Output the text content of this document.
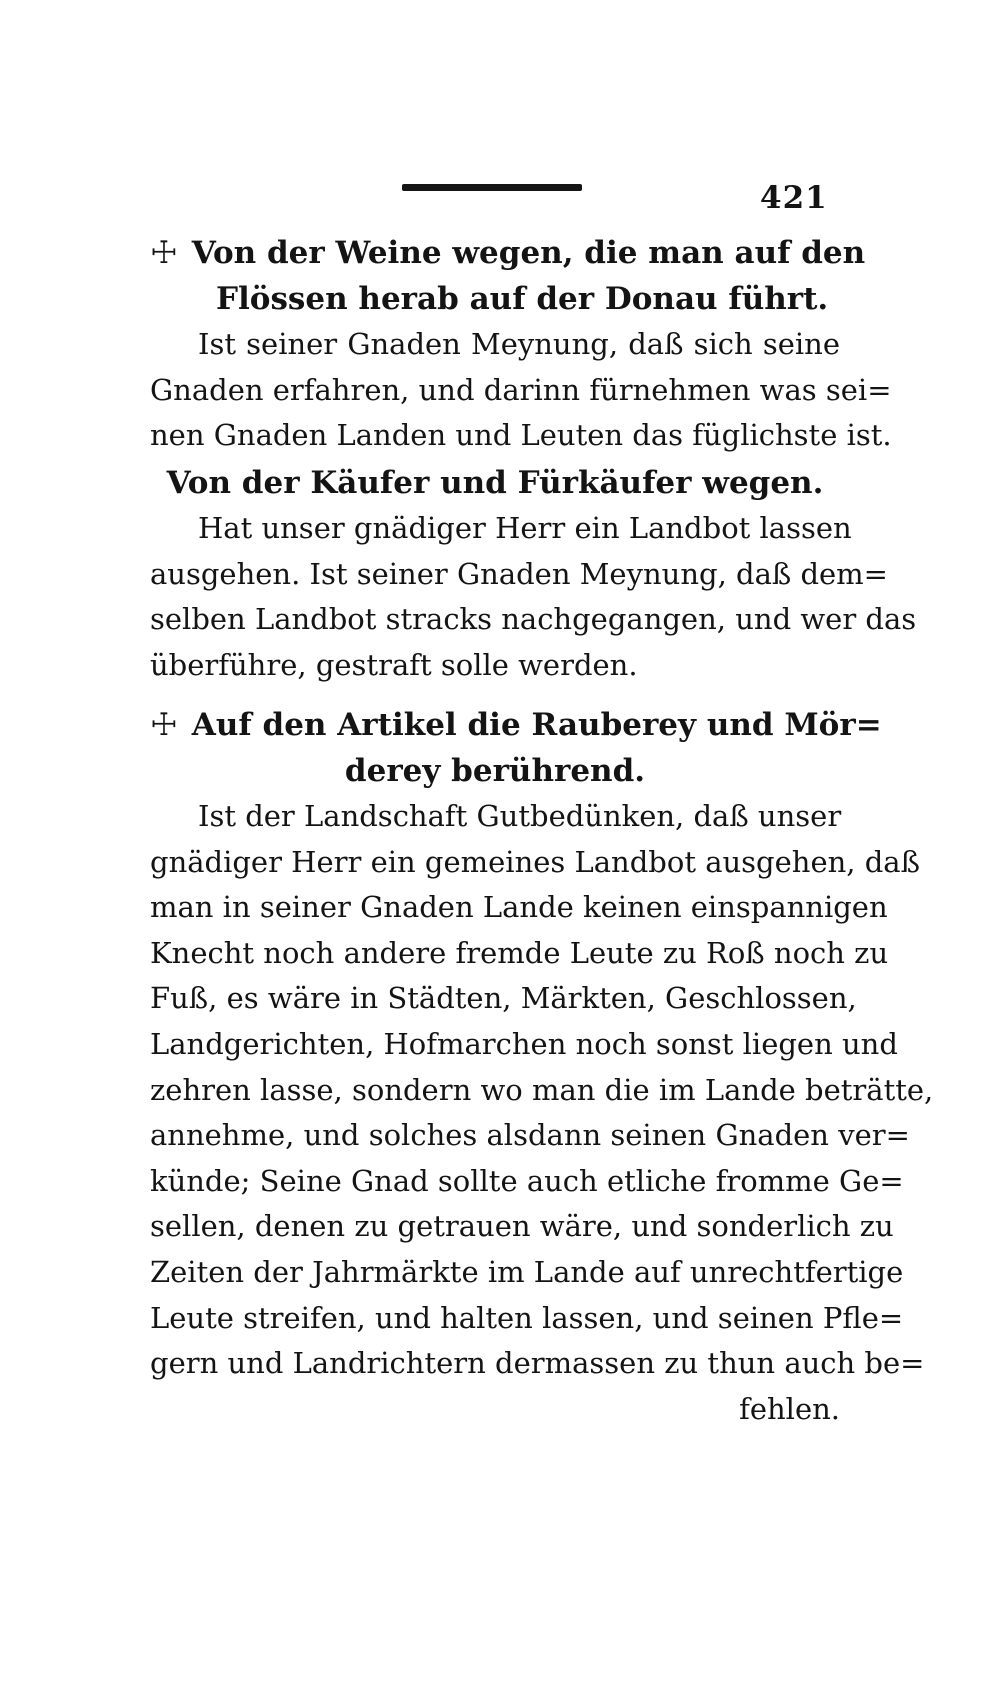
421
☩ Von der Weine wegen, die man auf den
Flössen herab auf der Donau führt.
Ist seiner Gnaden Meynung, daß sich seine
Gnaden erfahren, und darinn fürnehmen was sei=
nen Gnaden Landen und Leuten das füglichste ist.
Von der Käufer und Fürkäufer wegen.
Hat unser gnädiger Herr ein Landbot lassen
ausgehen. Ist seiner Gnaden Meynung, daß dem=
selben Landbot stracks nachgegangen, und wer das
überführe, gestraft solle werden.
☩ Auf den Artikel die Rauberey und Mör=
derey berührend.
Ist der Landschaft Gutbedünken, daß unser
gnädiger Herr ein gemeines Landbot ausgehen, daß
man in seiner Gnaden Lande keinen einspannigen
Knecht noch andere fremde Leute zu Roß noch zu
Fuß, es wäre in Städten, Märkten, Geschlossen,
Landgerichten, Hofmarchen noch sonst liegen und
zehren lasse, sondern wo man die im Lande beträtte,
annehme, und solches alsdann seinen Gnaden ver=
künde; Seine Gnad sollte auch etliche fromme Ge=
sellen, denen zu getrauen wäre, und sonderlich zu
Zeiten der Jahrmärkte im Lande auf unrechtfertige
Leute streifen, und halten lassen, und seinen Pfle=
gern und Landrichtern dermassen zu thun auch be=
fehlen.
